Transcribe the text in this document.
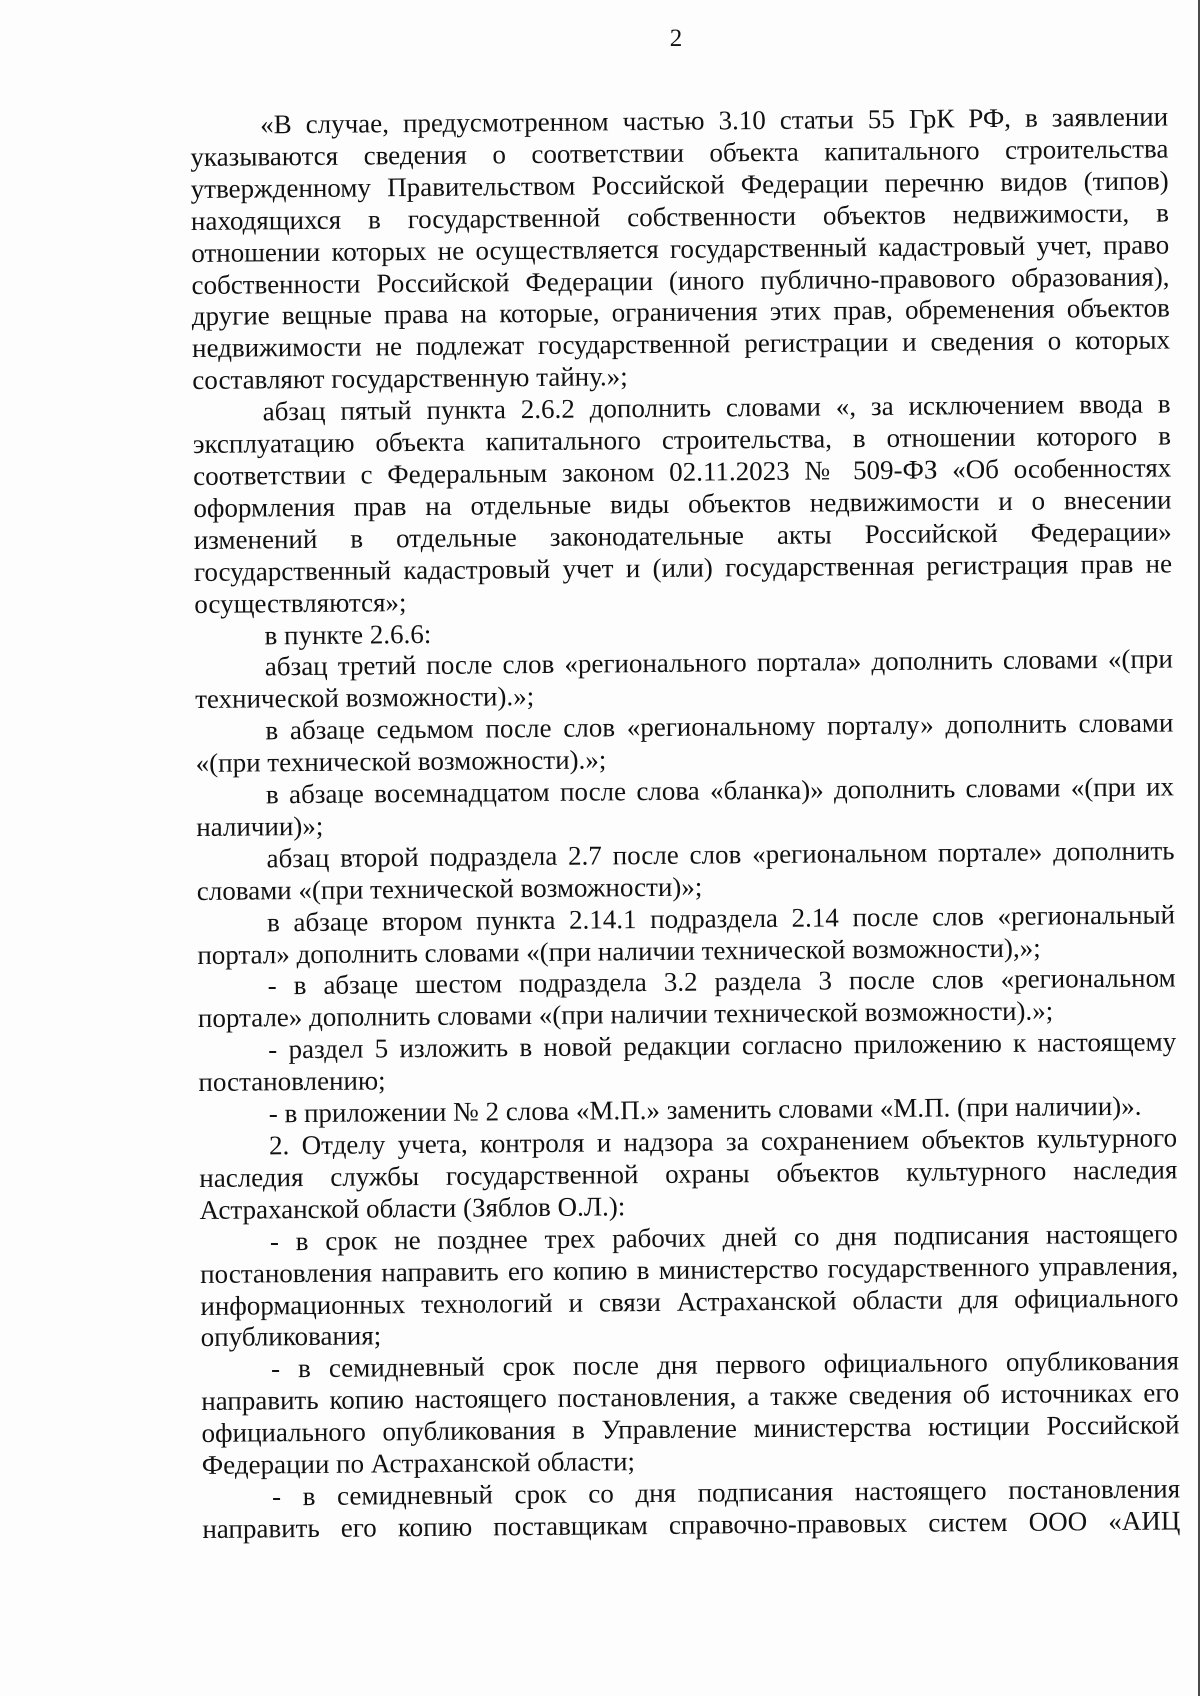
2

«В случае, предусмотренном частью 3.10 статьи 55 ГрК РФ, в заявлении указываются сведения о соответствии объекта капитального строительства утвержденному Правительством Российской Федерации перечню видов (типов) находящихся в государственной собственности объектов недвижимости, в отношении которых не осуществляется государственный кадастровый учет, право собственности Российской Федерации (иного публично-правового образования), другие вещные права на которые, ограничения этих прав, обременения объектов недвижимости не подлежат государственной регистрации и сведения о которых составляют государственную тайну.»;

абзац пятый пункта 2.6.2 дополнить словами «, за исключением ввода в эксплуатацию объекта капитального строительства, в отношении которого в соответствии с Федеральным законом 02.11.2023 № 509-ФЗ «Об особенностях оформления прав на отдельные виды объектов недвижимости и о внесении изменений в отдельные законодательные акты Российской Федерации» государственный кадастровый учет и (или) государственная регистрация прав не осуществляются»;

в пункте 2.6.6:

абзац третий после слов «регионального портала» дополнить словами «(при технической возможности).»;

в абзаце седьмом после слов «региональному порталу» дополнить словами «(при технической возможности).»;

в абзаце восемнадцатом после слова «бланка)» дополнить словами «(при их наличии)»;

абзац второй подраздела 2.7 после слов «региональном портале» дополнить словами «(при технической возможности)»;

в абзаце втором пункта 2.14.1 подраздела 2.14 после слов «региональный портал» дополнить словами «(при наличии технической возможности),»;

- в абзаце шестом подраздела 3.2 раздела 3 после слов «региональном портале» дополнить словами «(при наличии технической возможности).»;

- раздел 5 изложить в новой редакции согласно приложению к настоящему постановлению;

- в приложении № 2 слова «М.П.» заменить словами «М.П. (при наличии)».

2. Отделу учета, контроля и надзора за сохранением объектов культурного наследия службы государственной охраны объектов культурного наследия Астраханской области (Зяблов О.Л.):

- в срок не позднее трех рабочих дней со дня подписания настоящего постановления направить его копию в министерство государственного управления, информационных технологий и связи Астраханской области для официального опубликования;

- в семидневный срок после дня первого официального опубликования направить копию настоящего постановления, а также сведения об источниках его официального опубликования в Управление министерства юстиции Российской Федерации по Астраханской области;

- в семидневный срок со дня подписания настоящего постановления направить его копию поставщикам справочно-правовых систем ООО «АИЦ
